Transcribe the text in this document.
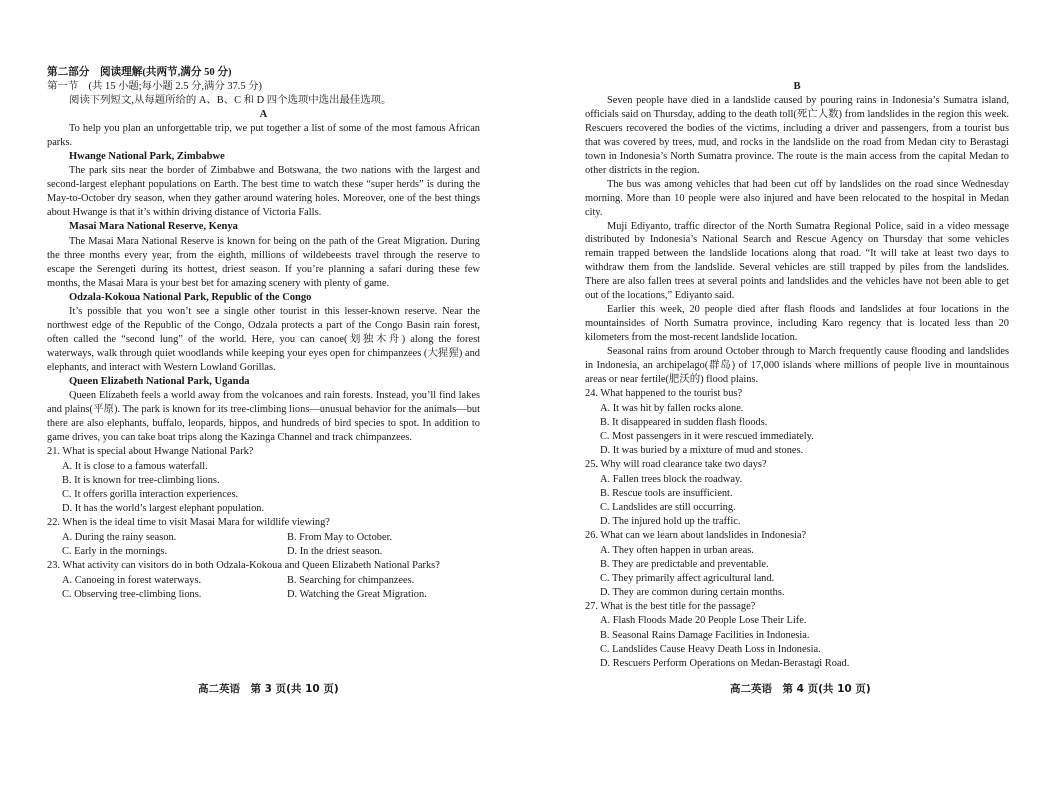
第二部分　阅读理解(共两节,满分 50 分)
第一节　(共 15 小题;每小题 2.5 分,满分 37.5 分)
阅读下列短文,从每题所给的 A、B、C 和 D 四个选项中选出最佳选项。
A

To help you plan an unforgettable trip, we put together a list of some of the most famous African parks.

Hwange National Park, Zimbabwe

The park sits near the border of Zimbabwe and Botswana, the two nations with the largest and second-largest elephant populations on Earth. The best time to watch these “super herds” is during the May-to-October dry season, when they gather around watering holes. Moreover, one of the best things about Hwange is that it’s within driving distance of Victoria Falls.

Masai Mara National Reserve, Kenya

The Masai Mara National Reserve is known for being on the path of the Great Migration. During the three months every year, from the eighth, millions of wildebeests travel through the reserve to escape the Serengeti during its hottest, driest season. If you’re planning a safari during these few months, the Masai Mara is your best bet for amazing scenery with plenty of game.

Odzala-Kokoua National Park, Republic of the Congo

It’s possible that you won’t see a single other tourist in this lesser-known reserve. Near the northwest edge of the Republic of the Congo, Odzala protects a part of the Congo Basin rain forest, often called the “second lung” of the world. Here, you can canoe(划独木舟) along the forest waterways, walk through quiet woodlands while keeping your eyes open for chimpanzees (大猩猩) and elephants, and interact with Western Lowland Gorillas.

Queen Elizabeth National Park, Uganda

Queen Elizabeth feels a world away from the volcanoes and rain forests. Instead, you’ll find lakes and plains(平原). The park is known for its tree-climbing lions—unusual behavior for the animals—but there are also elephants, buffalo, leopards, hippos, and hundreds of bird species to spot. In addition to game drives, you can take boat trips along the Kazinga Channel and track chimpanzees.

21. What is special about Hwange National Park?
A. It is close to a famous waterfall.
B. It is known for tree-climbing lions.
C. It offers gorilla interaction experiences.
D. It has the world’s largest elephant population.
22. When is the ideal time to visit Masai Mara for wildlife viewing?
A. During the rainy season.	B. From May to October.
C. Early in the mornings.	D. In the driest season.
23. What activity can visitors do in both Odzala-Kokoua and Queen Elizabeth National Parks?
A. Canoeing in forest waterways.	B. Searching for chimpanzees.
C. Observing tree-climbing lions.	D. Watching the Great Migration.
B

Seven people have died in a landslide caused by pouring rains in Indonesia’s Sumatra island, officials said on Thursday, adding to the death toll(死亡人数) from landslides in the region this week. Rescuers recovered the bodies of the victims, including a driver and passengers, from a tourist bus that was covered by trees, mud, and rocks in the landslide on the road from Medan city to Berastagi town in Indonesia’s North Sumatra province. The route is the main access from the capital Medan to other districts in the region.

The bus was among vehicles that had been cut off by landslides on the road since Wednesday morning. More than 10 people were also injured and have been relocated to the hospital in Medan city.

Muji Ediyanto, traffic director of the North Sumatra Regional Police, said in a video message distributed by Indonesia’s National Search and Rescue Agency on Thursday that some vehicles remain trapped between the landslide locations along that road. “It will take at least two days to withdraw them from the landslide. Several vehicles are still trapped by piles from the landslides. There are also fallen trees at several points and landslides and the vehicles have not been able to get out of the locations,” Ediyanto said.

Earlier this week, 20 people died after flash floods and landslides at four locations in the mountainsides of North Sumatra province, including Karo regency that is located less than 20 kilometers from the most-recent landslide location.

Seasonal rains from around October through to March frequently cause flooding and landslides in Indonesia, an archipelago(群岛) of 17,000 islands where millions of people live in mountainous areas or near fertile(肥沃的) flood plains.

24. What happened to the tourist bus?
A. It was hit by fallen rocks alone.
B. It disappeared in sudden flash floods.
C. Most passengers in it were rescued immediately.
D. It was buried by a mixture of mud and stones.
25. Why will road clearance take two days?
A. Fallen trees block the roadway.
B. Rescue tools are insufficient.
C. Landslides are still occurring.
D. The injured hold up the traffic.
26. What can we learn about landslides in Indonesia?
A. They often happen in urban areas.
B. They are predictable and preventable.
C. They primarily affect agricultural land.
D. They are common during certain months.
27. What is the best title for the passage?
A. Flash Floods Made 20 People Lose Their Life.
B. Seasonal Rains Damage Facilities in Indonesia.
C. Landslides Cause Heavy Death Loss in Indonesia.
D. Rescuers Perform Operations on Medan-Berastagi Road.
高二英语　第 3 页(共 10 页)	高二英语　第 4 页(共 10 页)
